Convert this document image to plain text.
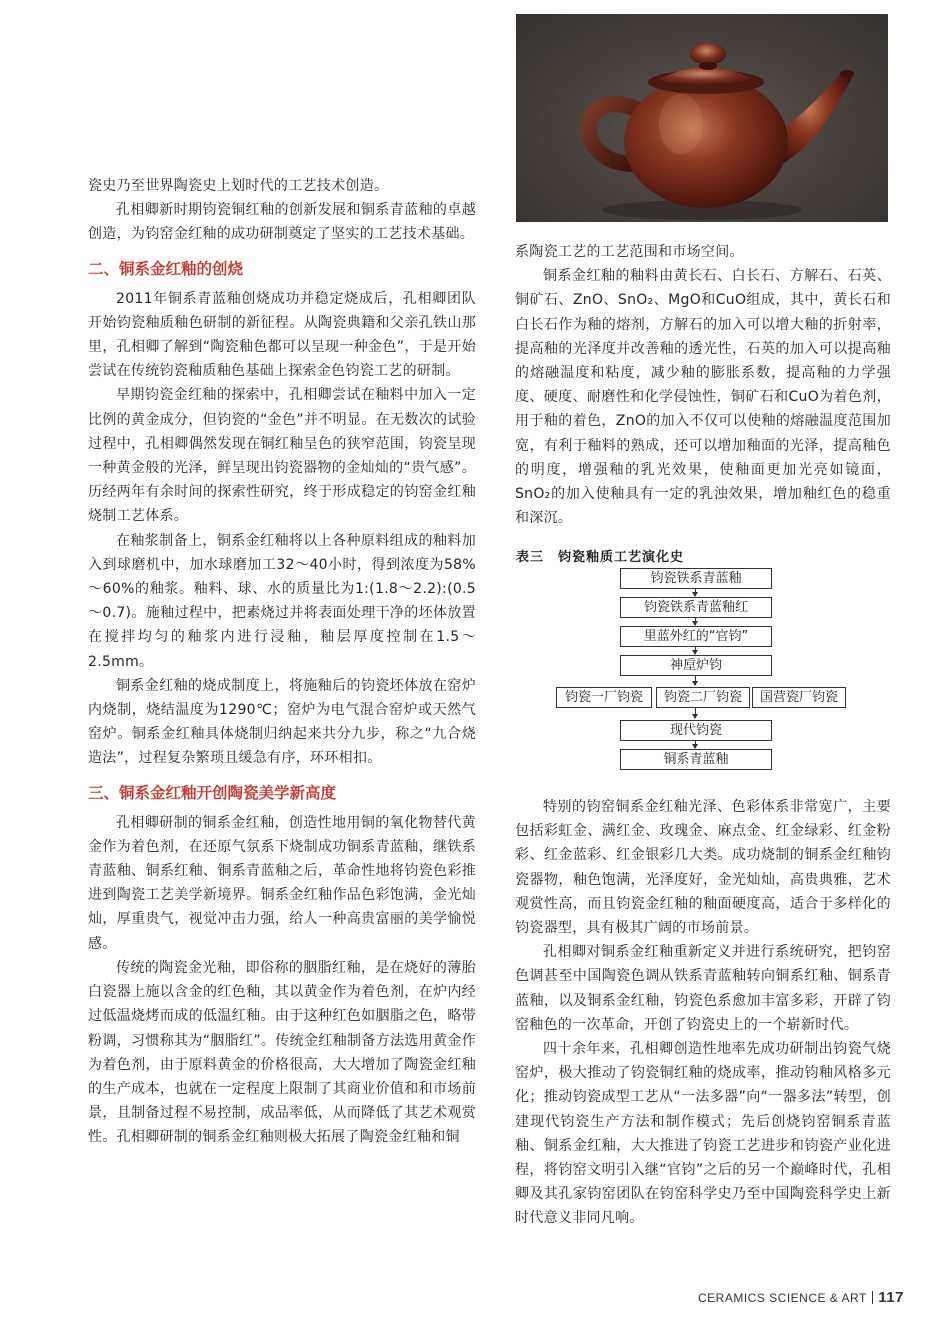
瓷史乃至世界陶瓷史上划时代的工艺技术创造。

孔相卿新时期钧瓷铜红釉的创新发展和铜系青蓝釉的卓越创造，为钧窑金红釉的成功研制奠定了坚实的工艺技术基础。

二、铜系金红釉的创烧

2011年铜系青蓝釉创烧成功并稳定烧成后，孔相卿团队开始钧瓷釉质釉色研制的新征程。从陶瓷典籍和父亲孔铁山那里，孔相卿了解到“陶瓷釉色都可以呈现一种金色”，于是开始尝试在传统钧瓷釉质釉色基础上探索金色钧瓷工艺的研制。

早期钧瓷金红釉的探索中，孔相卿尝试在釉料中加入一定比例的黄金成分，但钧瓷的“金色”并不明显。在无数次的试验过程中，孔相卿偶然发现在铜红釉呈色的狭窄范围，钧瓷呈现一种黄金般的光泽，鲜呈现出钧瓷器物的金灿灿的“贵气感”。历经两年有余时间的探索性研究，终于形成稳定的钧窑金红釉烧制工艺体系。

在釉浆制备上，铜系金红釉将以上各种原料组成的釉料加入到球磨机中，加水球磨加工32～40小时，得到浓度为58%～60%的釉浆。釉料、球、水的质量比为1:(1.8～2.2):(0.5～0.7)。施釉过程中，把素烧过并将表面处理干净的坯体放置在搅拌均匀的釉浆内进行浸釉，釉层厚度控制在1.5～2.5mm。

铜系金红釉的烧成制度上，将施釉后的钧瓷坯体放在窑炉内烧制，烧结温度为1290℃；窑炉为电气混合窑炉或天然气窑炉。铜系金红釉具体烧制归纳起来共分九步，称之“九合烧造法”，过程复杂繁琐且缓急有序，环环相扣。

三、铜系金红釉开创陶瓷美学新高度

孔相卿研制的铜系金红釉，创造性地用铜的氧化物替代黄金作为着色剂，在还原气氛系下烧制成功铜系青蓝釉，继铁系青蓝釉、铜系红釉、铜系青蓝釉之后，革命性地将钧瓷色彩推进到陶瓷工艺美学新境界。铜系金红釉作品色彩饱满，金光灿灿，厚重贵气，视觉冲击力强，给人一种高贵富丽的美学愉悦感。

传统的陶瓷金光釉，即俗称的胭脂红釉，是在烧好的薄胎白瓷器上施以含金的红色釉，其以黄金作为着色剂，在炉内经过低温烧烤而成的低温红釉。由于这种红色如胭脂之色，略带粉调，习惯称其为“胭脂红”。传统金红釉制备方法选用黄金作为着色剂，由于原料黄金的价格很高，大大增加了陶瓷金红釉的生产成本，也就在一定程度上限制了其商业价值和和市场前景，且制备过程不易控制，成品率低，从而降低了其艺术观赏性。孔相卿研制的铜系金红釉则极大拓展了陶瓷金红釉和铜

系陶瓷工艺的工艺范围和市场空间。

铜系金红釉的釉料由黄长石、白长石、方解石、石英、铜矿石、ZnO、SnO₂、MgO和CuO组成，其中，黄长石和白长石作为釉的熔剂，方解石的加入可以增大釉的折射率，提高釉的光泽度并改善釉的透光性，石英的加入可以提高釉的熔融温度和粘度，减少釉的膨胀系数，提高釉的力学强度、硬度、耐磨性和化学侵蚀性，铜矿石和CuO为着色剂，用于釉的着色，ZnO的加入不仅可以使釉的熔融温度范围加宽，有利于釉料的熟成，还可以增加釉面的光泽，提高釉色的明度，增强釉的乳光效果，使釉面更加光亮如镜面，SnO₂的加入使釉具有一定的乳浊效果，增加釉红色的稳重和深沉。

表三 钧瓷釉质工艺演化史
钧瓷铁系青蓝釉
钧瓷铁系青蓝釉红
里蓝外红的“官钧”
神垕炉钧
钧瓷一厂钧瓷	钧瓷二厂钧瓷	国营瓷厂钧瓷
现代钧瓷
铜系青蓝釉

特别的钧窑铜系金红釉光泽、色彩体系非常宽广，主要包括彩虹金、满红金、玫瑰金、麻点金、红金绿彩、红金粉彩、红金蓝彩、红金银彩几大类。成功烧制的铜系金红釉钧瓷器物，釉色饱满，光泽度好，金光灿灿，高贵典雅，艺术观赏性高，而且钧瓷金红釉的釉面硬度高，适合于多样化的钧瓷器型，具有极其广阔的市场前景。

孔相卿对铜系金红釉重新定义并进行系统研究，把钧窑色调甚至中国陶瓷色调从铁系青蓝釉转向铜系红釉、铜系青蓝釉，以及铜系金红釉，钧瓷色系愈加丰富多彩，开辟了钧窑釉色的一次革命，开创了钧瓷史上的一个崭新时代。

四十余年来，孔相卿创造性地率先成功研制出钧瓷气烧窑炉，极大推动了钧瓷铜红釉的烧成率，推动钧釉风格多元化；推动钧瓷成型工艺从“一法多器”向“一器多法”转型，创建现代钧瓷生产方法和制作模式；先后创烧钧窑铜系青蓝釉、铜系金红釉，大大推进了钧瓷工艺进步和钧瓷产业化进程，将钧窑文明引入继“官钧”之后的另一个巅峰时代，孔相卿及其孔家钧窑团队在钧窑科学史乃至中国陶瓷科学史上新时代意义非同凡响。

CERAMICS SCIENCE & ART 117
